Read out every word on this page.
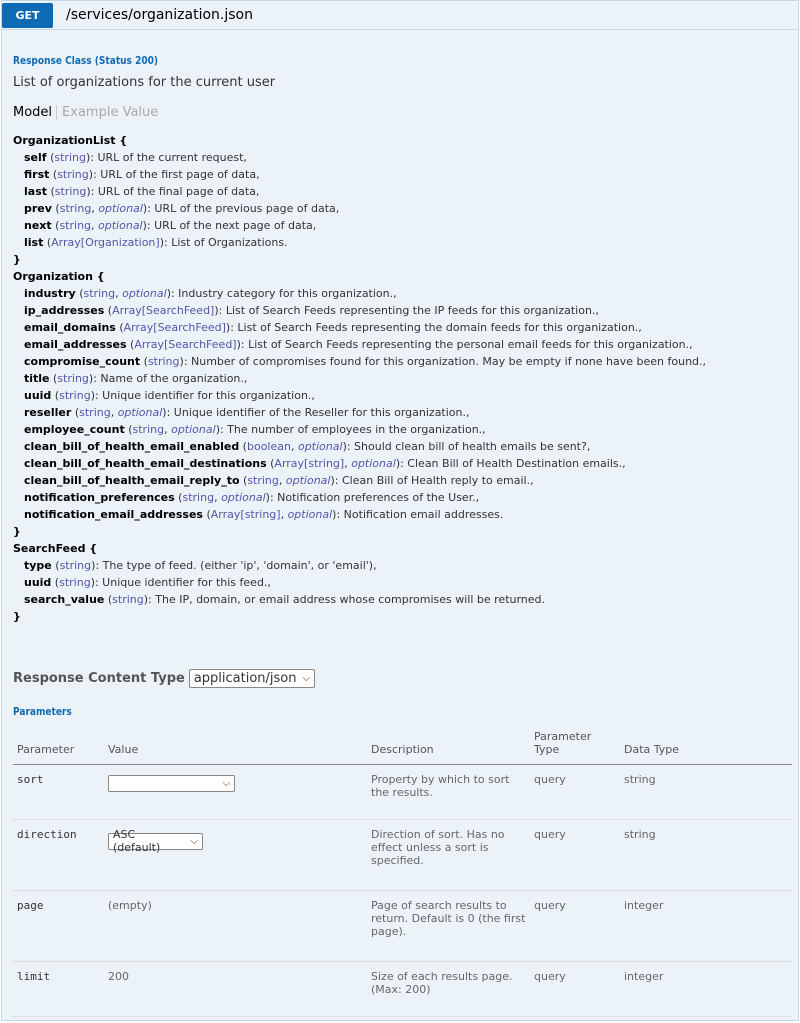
GET	/services/organization.json
Response Class (Status 200)
List of organizations for the current user
Model Example Value
OrganizationList {
self (string): URL of the current request,
first (string): URL of the first page of data,
last (string): URL of the final page of data,
prev (string, optional): URL of the previous page of data,
next (string, optional): URL of the next page of data,
list (Array[Organization]): List of Organizations.
}
Organization {
industry (string, optional): Industry category for this organization.,
ip_addresses (Array[SearchFeed]): List of Search Feeds representing the IP feeds for this organization.,
email_domains (Array[SearchFeed]): List of Search Feeds representing the domain feeds for this organization.,
email_addresses (Array[SearchFeed]): List of Search Feeds representing the personal email feeds for this organization.,
compromise_count (string): Number of compromises found for this organization. May be empty if none have been found.,
title (string): Name of the organization.,
uuid (string): Unique identifier for this organization.,
reseller (string, optional): Unique identifier of the Reseller for this organization.,
employee_count (string, optional): The number of employees in the organization.,
clean_bill_of_health_email_enabled (boolean, optional): Should clean bill of health emails be sent?,
clean_bill_of_health_email_destinations (Array[string], optional): Clean Bill of Health Destination emails.,
clean_bill_of_health_email_reply_to (string, optional): Clean Bill of Health reply to email.,
notification_preferences (string, optional): Notification preferences of the User.,
notification_email_addresses (Array[string], optional): Notification email addresses.
}
SearchFeed {
type (string): The type of feed. (either 'ip', 'domain', or 'email'),
uuid (string): Unique identifier for this feed.,
search_value (string): The IP, domain, or email address whose compromises will be returned.
}
Response Content Type application/json ⌵
Parameters
Parameter	Value	Description	Parameter Type	Data Type
sort	⌵	Property by which to sort the results.	query	string
direction	ASC (default) ⌵	Direction of sort. Has no effect unless a sort is specified.	query	string
page	(empty)	Page of search results to return. Default is 0 (the first page).	query	integer
limit	200	Size of each results page. (Max: 200)	query	integer
